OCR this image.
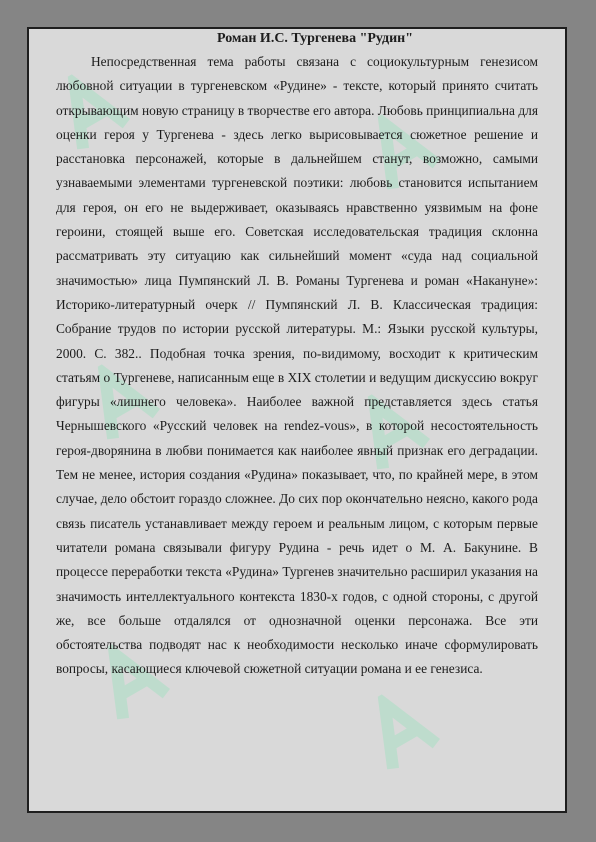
Роман И.С. Тургенева "Рудин"

Непосредственная тема работы связана с социокультурным генезисом любовной ситуации в тургеневском «Рудине» - тексте, который принято считать открывающим новую страницу в творчестве его автора. Любовь принципиальна для оценки героя у Тургенева - здесь легко вырисовывается сюжетное решение и расстановка персонажей, которые в дальнейшем станут, возможно, самыми узнаваемыми элементами тургеневской поэтики: любовь становится испытанием для героя, он его не выдерживает, оказываясь нравственно уязвимым на фоне героини, стоящей выше его. Советская исследовательская традиция склонна рассматривать эту ситуацию как сильнейший момент «суда над социальной значимостью» лица Пумпянский Л. В. Романы Тургенева и роман «Накануне»: Историко-литературный очерк // Пумпянский Л. В. Классическая традиция: Собрание трудов по истории русской литературы. М.: Языки русской культуры, 2000. С. 382.. Подобная точка зрения, по-видимому, восходит к критическим статьям о Тургеневе, написанным еще в XIX столетии и ведущим дискуссию вокруг фигуры «лишнего человека». Наиболее важной представляется здесь статья Чернышевского «Русский человек на rendez-vous», в которой несостоятельность героя-дворянина в любви понимается как наиболее явный признак его деградации. Тем не менее, история создания «Рудина» показывает, что, по крайней мере, в этом случае, дело обстоит гораздо сложнее. До сих пор окончательно неясно, какого рода связь писатель устанавливает между героем и реальным лицом, с которым первые читатели романа связывали фигуру Рудина - речь идет о М. А. Бакунине. В процессе переработки текста «Рудина» Тургенев значительно расширил указания на значимость интеллектуального контекста 1830-х годов, с одной стороны, с другой же, все больше отдалялся от однозначной оценки персонажа. Все эти обстоятельства подводят нас к необходимости несколько иначе сформулировать вопросы, касающиеся ключевой сюжетной ситуации романа и ее генезиса.
